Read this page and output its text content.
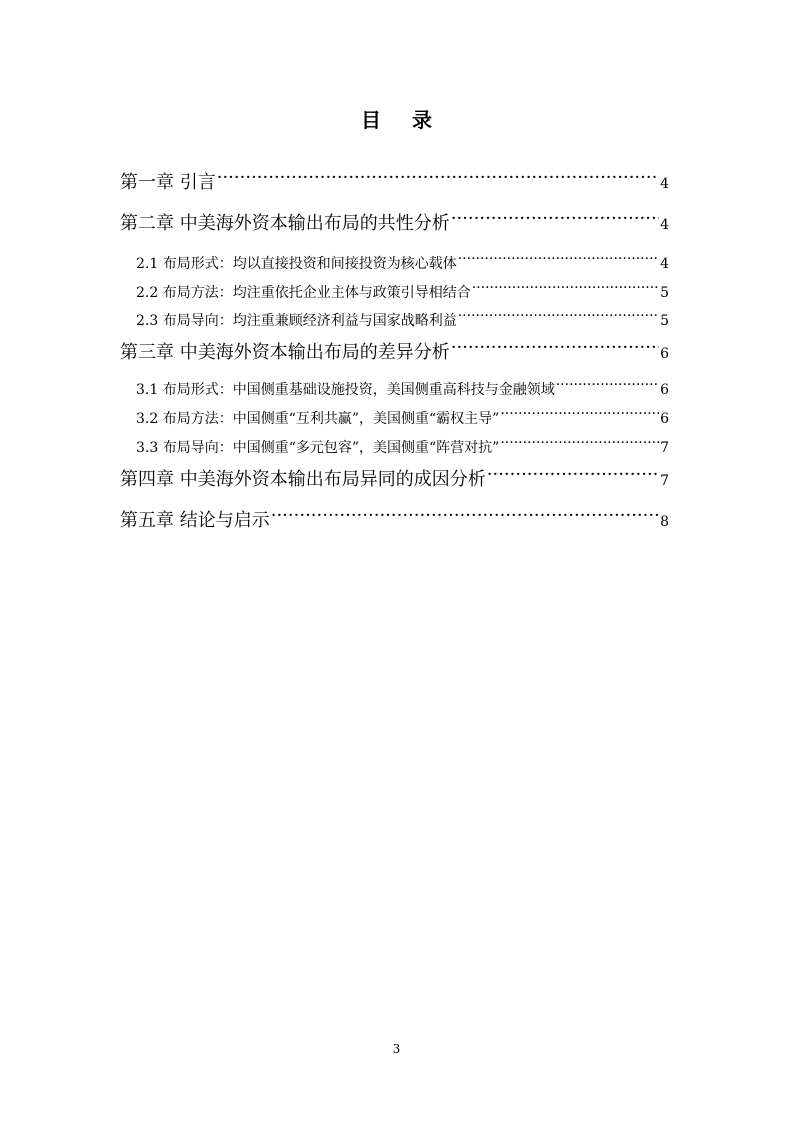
目 录
第一章 引言 ·····	4
第二章 中美海外资本输出布局的共性分析 ·····	4
2.1 布局形式：均以直接投资和间接投资为核心载体 ·····	4
2.2 布局方法：均注重依托企业主体与政策引导相结合 ·····	5
2.3 布局导向：均注重兼顾经济利益与国家战略利益 ·····	5
第三章 中美海外资本输出布局的差异分析 ·····	6
3.1 布局形式：中国侧重基础设施投资，美国侧重高科技与金融领域 ·····	6
3.2 布局方法：中国侧重“互利共赢”，美国侧重“霸权主导” ·····	6
3.3 布局导向：中国侧重“多元包容”，美国侧重“阵营对抗” ·····	7
第四章 中美海外资本输出布局异同的成因分析 ·····	7
第五章 结论与启示 ·····	8

3
